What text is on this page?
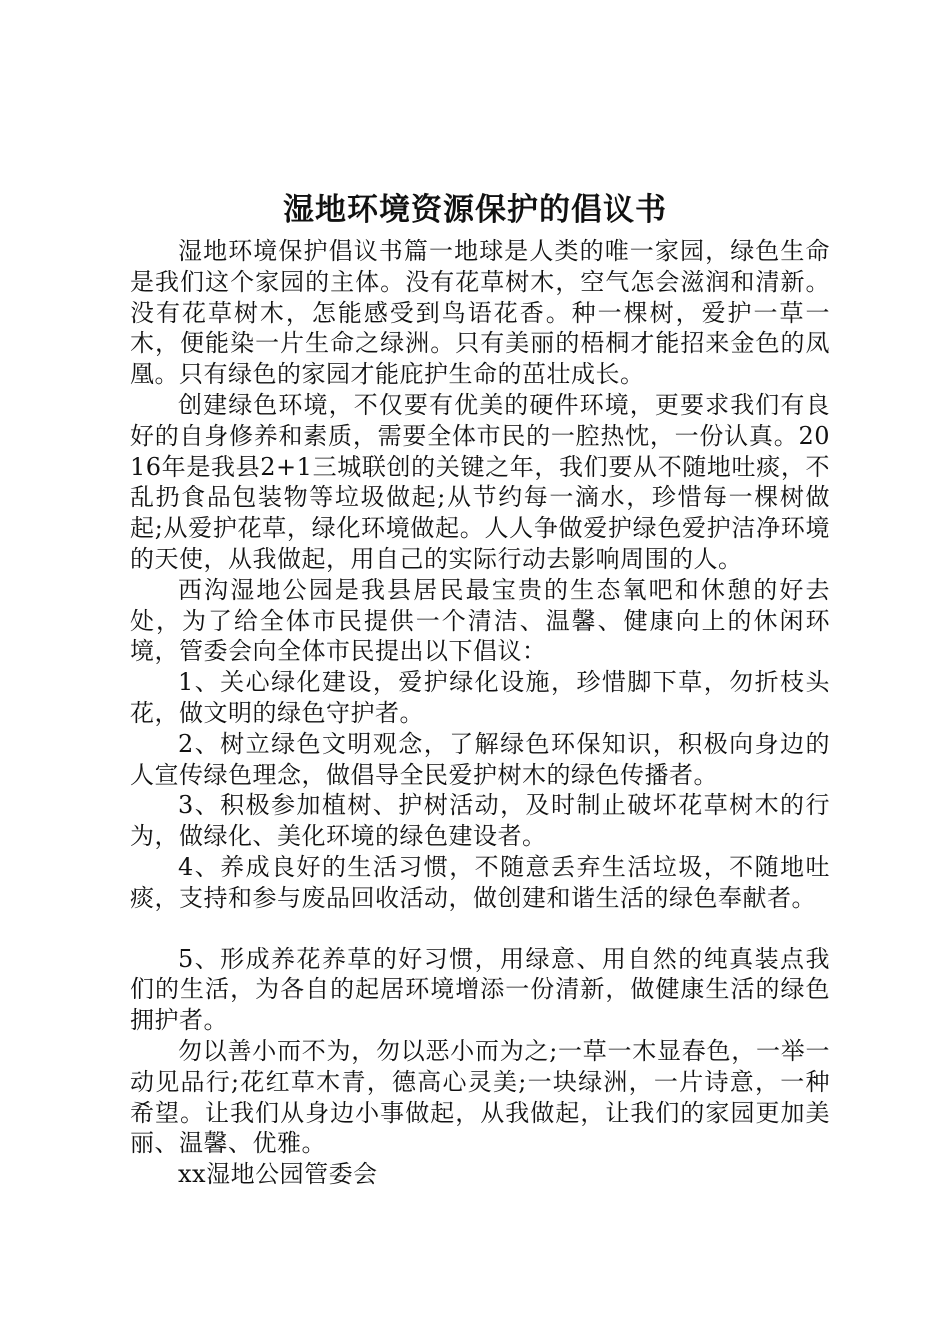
湿地环境资源保护的倡议书

湿地环境保护倡议书篇一地球是人类的唯一家园，绿色生命是我们这个家园的主体。没有花草树木，空气怎会滋润和清新。没有花草树木，怎能感受到鸟语花香。种一棵树，爱护一草一木，便能染一片生命之绿洲。只有美丽的梧桐才能招来金色的凤凰。只有绿色的家园才能庇护生命的茁壮成长。

创建绿色环境，不仅要有优美的硬件环境，更要求我们有良好的自身修养和素质，需要全体市民的一腔热忱，一份认真。2016年是我县2+1三城联创的关键之年，我们要从不随地吐痰，不乱扔食品包装物等垃圾做起;从节约每一滴水，珍惜每一棵树做起;从爱护花草，绿化环境做起。人人争做爱护绿色爱护洁净环境的天使，从我做起，用自己的实际行动去影响周围的人。

西沟湿地公园是我县居民最宝贵的生态氧吧和休憩的好去处，为了给全体市民提供一个清洁、温馨、健康向上的休闲环境，管委会向全体市民提出以下倡议：

1、关心绿化建设，爱护绿化设施，珍惜脚下草，勿折枝头花，做文明的绿色守护者。

2、树立绿色文明观念，了解绿色环保知识，积极向身边的人宣传绿色理念，做倡导全民爱护树木的绿色传播者。

3、积极参加植树、护树活动，及时制止破坏花草树木的行为，做绿化、美化环境的绿色建设者。

4、养成良好的生活习惯，不随意丢弃生活垃圾，不随地吐痰，支持和参与废品回收活动，做创建和谐生活的绿色奉献者。

5、形成养花养草的好习惯，用绿意、用自然的纯真装点我们的生活，为各自的起居环境增添一份清新，做健康生活的绿色拥护者。

勿以善小而不为，勿以恶小而为之;一草一木显春色，一举一动见品行;花红草木青，德高心灵美;一块绿洲，一片诗意，一种希望。让我们从身边小事做起，从我做起，让我们的家园更加美丽、温馨、优雅。

xx湿地公园管委会
